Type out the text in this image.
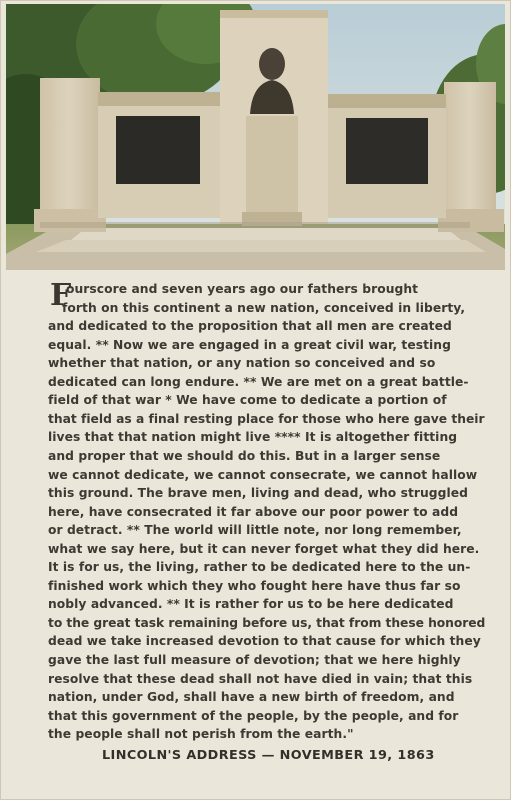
F
ourscore and seven years ago our fathers brought
forth on this continent a new nation, conceived in liberty,
and dedicated to the proposition that all men are created
equal. ** Now we are engaged in a great civil war, testing
whether that nation, or any nation so conceived and so
dedicated can long endure. ** We are met on a great battle-
field of that war * We have come to dedicate a portion of
that field as a final resting place for those who here gave their
lives that that nation might live **** It is altogether fitting
and proper that we should do this. But in a larger sense
we cannot dedicate, we cannot consecrate, we cannot hallow
this ground. The brave men, living and dead, who struggled
here, have consecrated it far above our poor power to add
or detract. ** The world will little note, nor long remember,
what we say here, but it can never forget what they did here.
It is for us, the living, rather to be dedicated here to the un-
finished work which they who fought here have thus far so
nobly advanced. ** It is rather for us to be here dedicated
to the great task remaining before us, that from these honored
dead we take increased devotion to that cause for which they
gave the last full measure of devotion; that we here highly
resolve that these dead shall not have died in vain; that this
nation, under God, shall have a new birth of freedom, and
that this government of the people, by the people, and for
the people shall not perish from the earth."
LINCOLN'S ADDRESS — NOVEMBER 19, 1863
